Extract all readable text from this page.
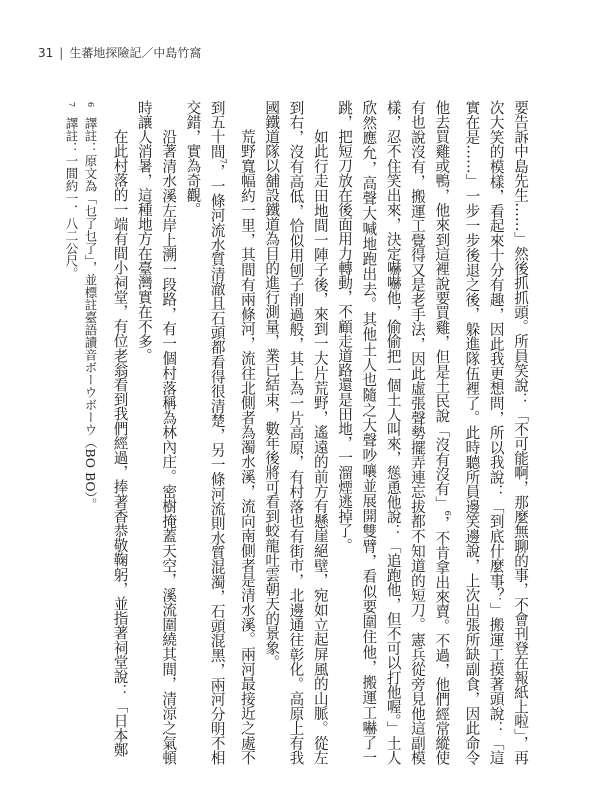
31 | 生蕃地探險記／中島竹窩

要告訴中島先生……」然後抓抓頭。所員笑說：「不可能啊，那麼無聊的事，不會刊登在報紙上啦」，再次大笑的模樣，看起來十分有趣，因此我更想問，所以我說：「到底什麼事？」搬運工摸著頭說：「這實在是……」一步一步後退之後，躲進隊伍裡了。此時聽所員邊笑邊說，上次出張所缺副食，因此命令他去買雞或鴨，他來到這裡說要買雞，但是土民說「沒有沒有」$^6$，不肯拿出來賣。不過，他們經常縱使有也說沒有，搬運工覺得又是老手法，因此虛張聲勢擺弄連忘拔都不知道的短刀。憲兵從旁見他這副模樣，忍不住笑出來，決定嚇嚇他，偷偷把一個土人叫來，慫恿他說：「追跑他，但不可以打他喔。」土人欣然應允，高聲大喊地跑出去。其他土人也隨之大聲吵嚷並展開雙臂，看似要圍住他，搬運工嚇了一跳，把短刀放在後面用力轉動，不顧走道路還是田地，一溜煙逃掉了。

如此行走田地間一陣子後，來到一大片荒野，遙遠的前方有懸崖絕壁，宛如立起屏風的山脈。從左到右，沒有高低，恰似用刨子削過般，其上為一片高原，有村落也有街市，北邊通往彰化。高原上有我國鐵道隊以舖設鐵道為目的進行測量，業已結束，數年後將可看到蛟龍吐雲朝天的景象。

荒野寬幅約一里，其間有兩條河，流往北側者為濁水溪，流向南側者是清水溪。兩河最接近之處不到五十間$^7$，一條河流水質清澈且石頭都看得很清楚，另一條河流則水質混濁，石頭混黑，兩河分明不相交錯，實為奇觀。

沿著清水溪左岸上溯一段路，有一個村落稱為林內庄。密樹掩蓋天空，溪流圍繞其間，清涼之氣頓時讓人消暑，這種地方在臺灣實在不多。

在此村落的一端有間小祠堂，有位老翁看到我們經過，捧著香恭敬鞠躬，並指著祠堂說：「日本鄭

6 譯註：原文為「乜了乜了」，並標註臺語讀音ボーウボーウ（BO BO）。

7 譯註：一間約一．八二公尺。
